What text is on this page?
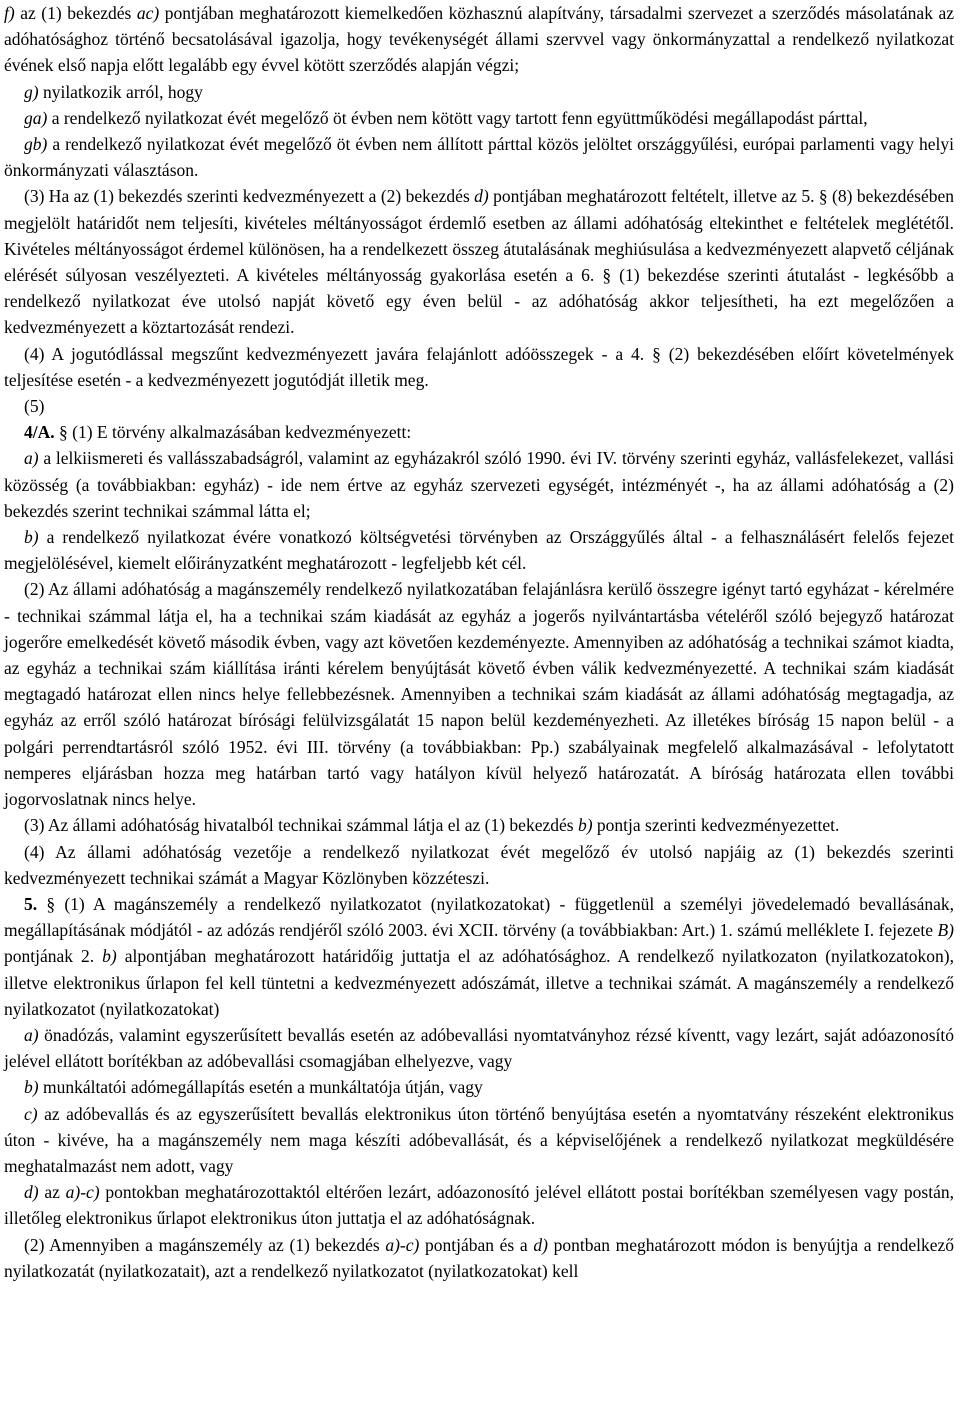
f) az (1) bekezdés ac) pontjában meghatározott kiemelkedően közhasznú alapítvány, társadalmi szervezet a szerződés másolatának az adóhatósághoz történő becsatolásával igazolja, hogy tevékenységét állami szervvel vagy önkormányzattal a rendelkező nyilatkozat évének első napja előtt legalább egy évvel kötött szerződés alapján végzi;

g) nyilatkozik arról, hogy

ga) a rendelkező nyilatkozat évét megelőző öt évben nem kötött vagy tartott fenn együttműködési megállapodást párttal,

gb) a rendelkező nyilatkozat évét megelőző öt évben nem állított párttal közös jelöltet országgyűlési, európai parlamenti vagy helyi önkormányzati választáson.

(3) Ha az (1) bekezdés szerinti kedvezményezett a (2) bekezdés d) pontjában meghatározott feltételt, illetve az 5. § (8) bekezdésében megjelölt határidőt nem teljesíti, kivételes méltányosságot érdemlő esetben az állami adóhatóság eltekinthet e feltételek meglététől. Kivételes méltányosságot érdemel különösen, ha a rendelkezett összeg átutalásának meghiúsulása a kedvezményezett alapvető céljának elérését súlyosan veszélyezteti. A kivételes méltányosság gyakorlása esetén a 6. § (1) bekezdése szerinti átutalást - legkésőbb a rendelkező nyilatkozat éve utolsó napját követő egy éven belül - az adóhatóság akkor teljesítheti, ha ezt megelőzően a kedvezményezett a köztartozását rendezi.

(4) A jogutódlással megszűnt kedvezményezett javára felajánlott adóösszegek - a 4. § (2) bekezdésében előírt követelmények teljesítése esetén - a kedvezményezett jogutódját illetik meg.

(5)

4/A. § (1) E törvény alkalmazásában kedvezményezett:

a) a lelkiismereti és vallásszabadságról, valamint az egyházakról szóló 1990. évi IV. törvény szerinti egyház, vallásfelekezet, vallási közösség (a továbbiakban: egyház) - ide nem értve az egyház szervezeti egységét, intézményét -, ha az állami adóhatóság a (2) bekezdés szerint technikai számmal látta el;

b) a rendelkező nyilatkozat évére vonatkozó költségvetési törvényben az Országgyűlés által - a felhasználásért felelős fejezet megjelölésével, kiemelt előirányzatként meghatározott - legfeljebb két cél.

(2) Az állami adóhatóság a magánszemély rendelkező nyilatkozatában felajánlásra kerülő összegre igényt tartó egyházat - kérelmére - technikai számmal látja el, ha a technikai szám kiadását az egyház a jogerős nyilvántartásba vételéről szóló bejegyző határozat jogerőre emelkedését követő második évben, vagy azt követően kezdeményezte. Amennyiben az adóhatóság a technikai számot kiadta, az egyház a technikai szám kiállítása iránti kérelem benyújtását követő évben válik kedvezményezetté. A technikai szám kiadását megtagadó határozat ellen nincs helye fellebbezésnek. Amennyiben a technikai szám kiadását az állami adóhatóság megtagadja, az egyház az erről szóló határozat bírósági felülvizsgálatát 15 napon belül kezdeményezheti. Az illetékes bíróság 15 napon belül - a polgári perrendtartásról szóló 1952. évi III. törvény (a továbbiakban: Pp.) szabályainak megfelelő alkalmazásával - lefolytatott nemperes eljárásban hozza meg határban tartó vagy hatályon kívül helyező határozatát. A bíróság határozata ellen további jogorvoslatnak nincs helye.

(3) Az állami adóhatóság hivatalból technikai számmal látja el az (1) bekezdés b) pontja szerinti kedvezményezettet.

(4) Az állami adóhatóság vezetője a rendelkező nyilatkozat évét megelőző év utolsó napjáig az (1) bekezdés szerinti kedvezményezett technikai számát a Magyar Közlönyben közzéteszi.

5. § (1) A magánszemély a rendelkező nyilatkozatot (nyilatkozatokat) - függetlenül a személyi jövedelemadó bevallásának, megállapításának módjától - az adózás rendjéről szóló 2003. évi XCII. törvény (a továbbiakban: Art.) 1. számú melléklete I. fejezete B) pontjának 2. b) alpontjában meghatározott határidőig juttatja el az adóhatósághoz. A rendelkező nyilatkozaton (nyilatkozatokon), illetve elektronikus űrlapon fel kell tüntetni a kedvezményezett adószámát, illetve a technikai számát. A magánszemély a rendelkező nyilatkozatot (nyilatkozatokat)

a) önadózás, valamint egyszerűsített bevallás esetén az adóbevallási nyomtatványhoz rézsé kíventt, vagy lezárt, saját adóazonosító jelével ellátott borítékban az adóbevallási csomagjában elhelyezve, vagy

b) munkáltatói adómegállapítás esetén a munkáltatója útján, vagy

c) az adóbevallás és az egyszerűsített bevallás elektronikus úton történő benyújtása esetén a nyomtatvány részeként elektronikus úton - kivéve, ha a magánszemély nem maga készíti adóbevallását, és a képviselőjének a rendelkező nyilatkozat megküldésére meghatalmazást nem adott, vagy

d) az a)-c) pontokban meghatározottaktól eltérően lezárt, adóazonosító jelével ellátott postai borítékban személyesen vagy postán, illetőleg elektronikus űrlapot elektronikus úton juttatja el az adóhatóságnak.

(2) Amennyiben a magánszemély az (1) bekezdés a)-c) pontjában és a d) pontban meghatározott módon is benyújtja a rendelkező nyilatkozatát (nyilatkozatait), azt a rendelkező nyilatkozatot (nyilatkozatokat) kell
